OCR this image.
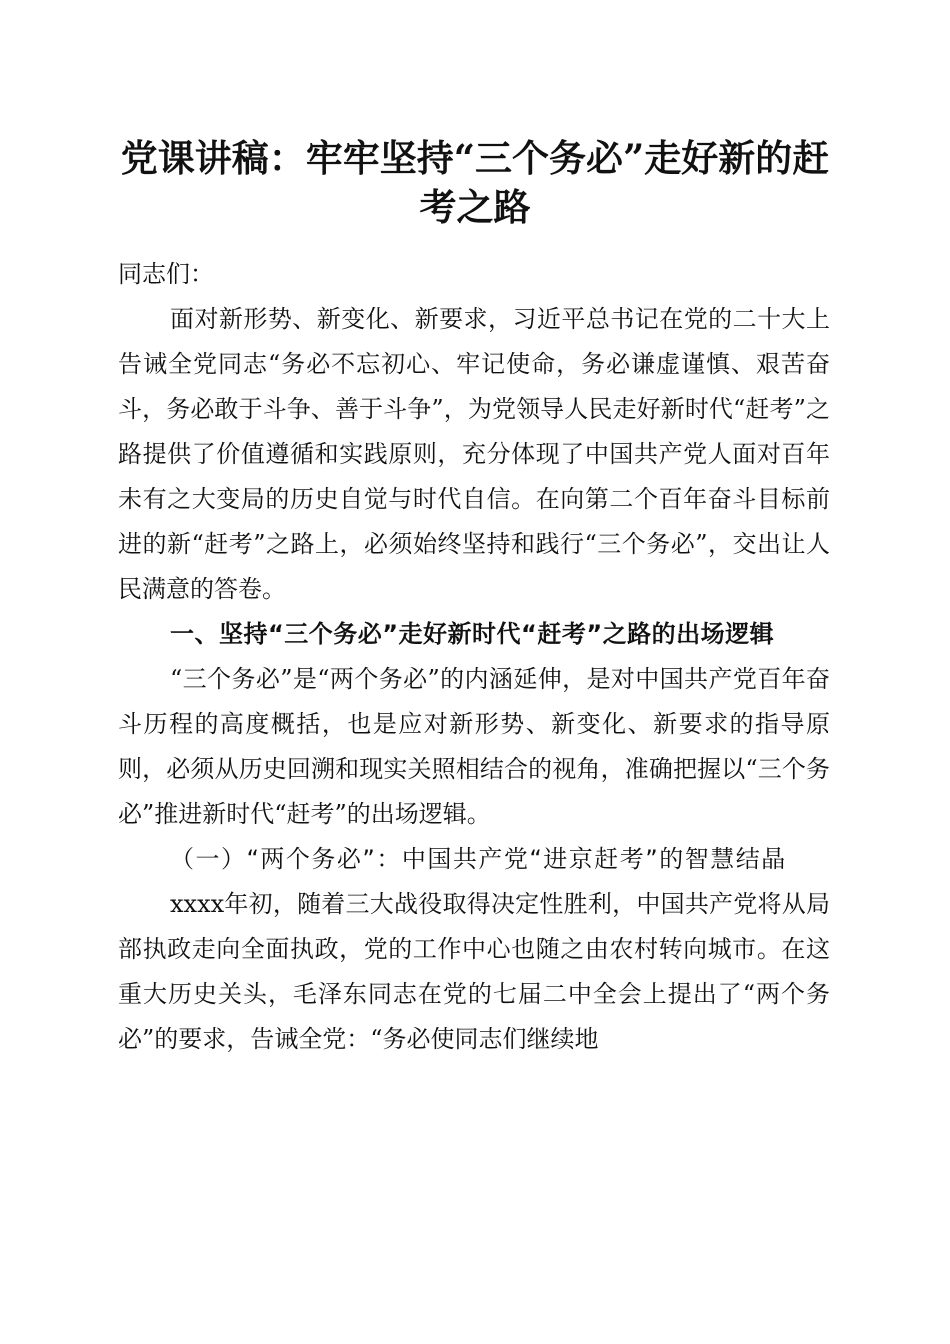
党课讲稿：牢牢坚持“三个务必”走好新的赶考之路

同志们：

面对新形势、新变化、新要求，习近平总书记在党的二十大上告诫全党同志“务必不忘初心、牢记使命，务必谦虚谨慎、艰苦奋斗，务必敢于斗争、善于斗争”，为党领导人民走好新时代“赶考”之路提供了价值遵循和实践原则，充分体现了中国共产党人面对百年未有之大变局的历史自觉与时代自信。在向第二个百年奋斗目标前进的新“赶考”之路上，必须始终坚持和践行“三个务必”，交出让人民满意的答卷。

一、坚持“三个务必”走好新时代“赶考”之路的出场逻辑

“三个务必”是“两个务必”的内涵延伸，是对中国共产党百年奋斗历程的高度概括，也是应对新形势、新变化、新要求的指导原则，必须从历史回溯和现实关照相结合的视角，准确把握以“三个务必”推进新时代“赶考”的出场逻辑。

（一）“两个务必”：中国共产党“进京赶考”的智慧结晶

xxxx年初，随着三大战役取得决定性胜利，中国共产党将从局部执政走向全面执政，党的工作中心也随之由农村转向城市。在这重大历史关头，毛泽东同志在党的七届二中全会上提出了“两个务必”的要求，告诫全党：“务必使同志们继续地
